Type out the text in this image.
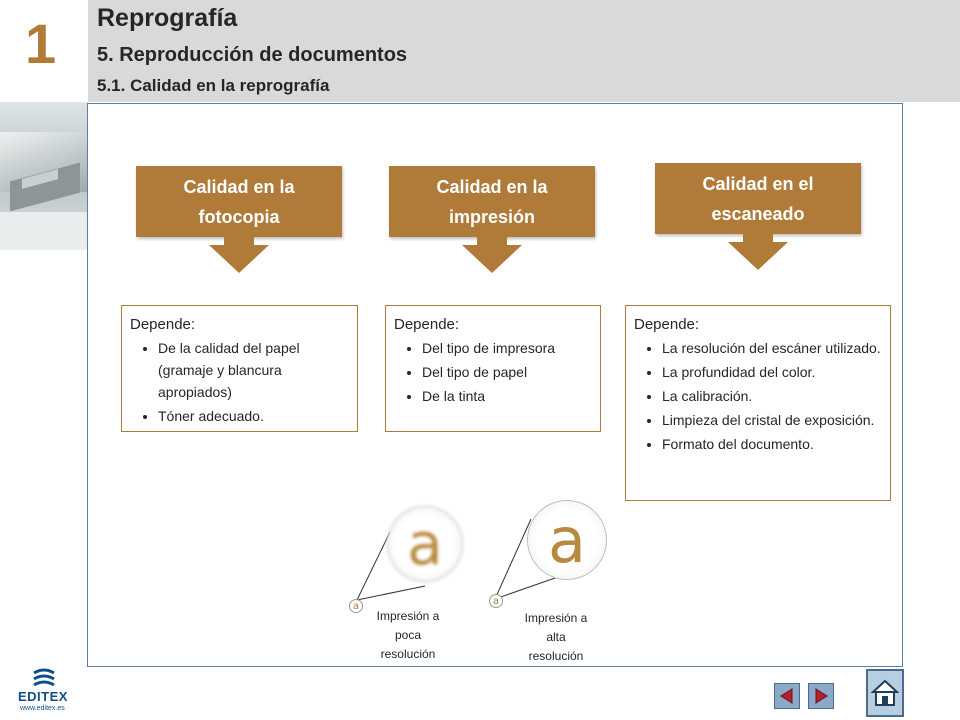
1 Reprografía
5. Reproducción de documentos
5.1. Calidad en la reprografía
Calidad en la
fotocopia
Depende:
• De la calidad del papel (gramaje y blancura apropiados)
• Tóner adecuado.
Calidad en la
impresión
Depende:
• Del tipo de impresora
• Del tipo de papel
• De la tinta
Calidad en el
escaneado
Depende:
• La resolución del escáner utilizado.
• La profundidad del color.
• La calibración.
• Limpieza del cristal de exposición.
• Formato del documento.
a
a
Impresión a
poca
resolución
a
a
Impresión a
alta
resolución
EDITEX
www.editex.es
